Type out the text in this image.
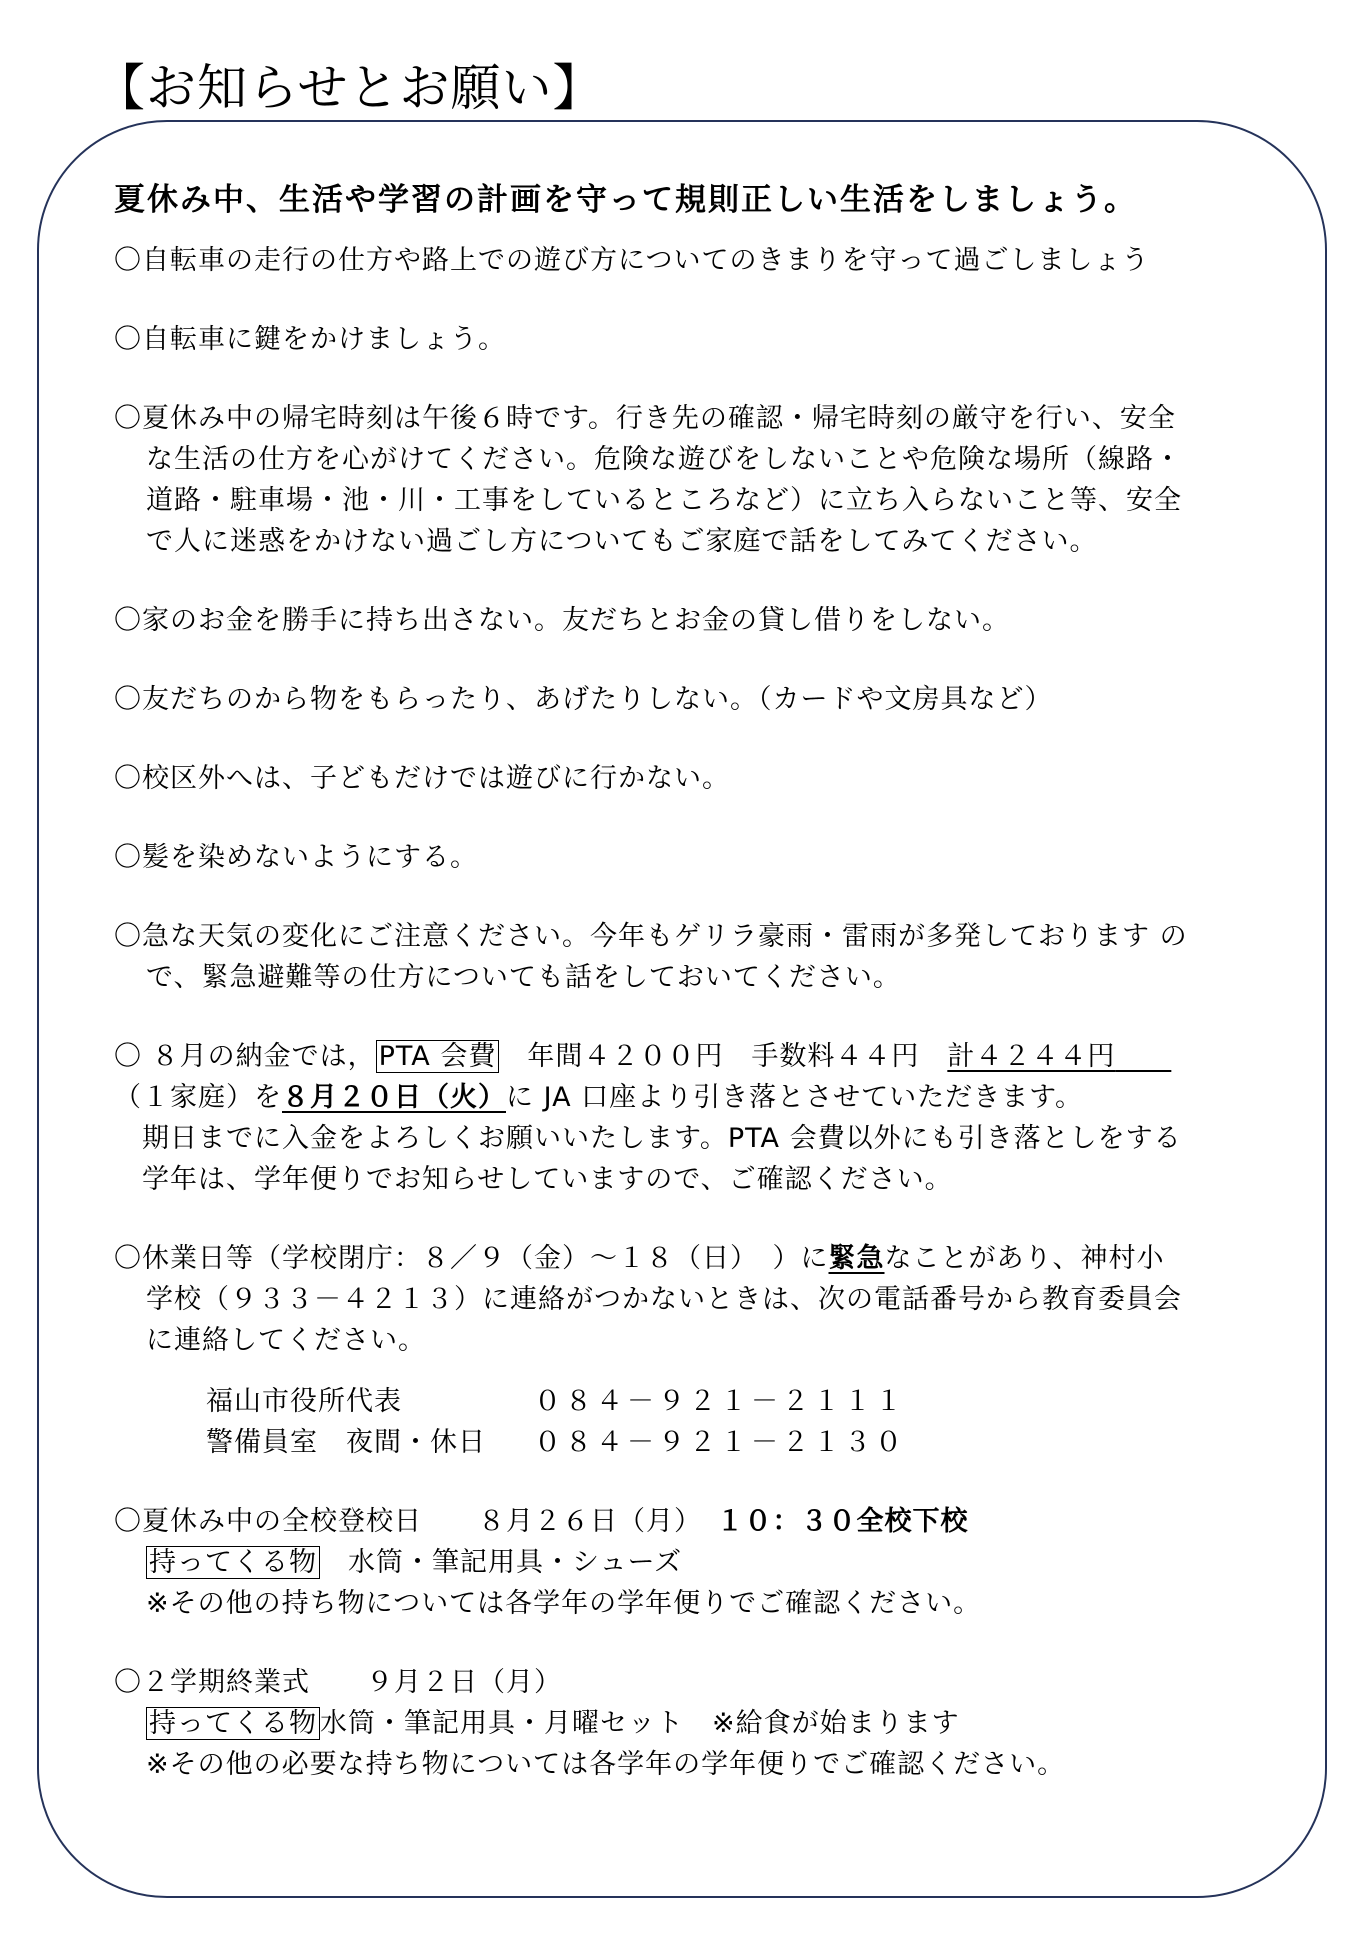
【お知らせとお願い】

夏休み中、生活や学習の計画を守って規則正しい生活をしましょう。

〇自転車の走行の仕方や路上での遊び方についてのきまりを守って過ごしましょう

〇自転車に鍵をかけましょう。

〇夏休み中の帰宅時刻は午後６時です。行き先の確認・帰宅時刻の厳守を行い、安全

な生活の仕方を心がけてください。危険な遊びをしないことや危険な場所（線路・

道路・駐車場・池・川・工事をしているところなど）に立ち入らないこと等、安全

で人に迷惑をかけない過ごし方についてもご家庭で話をしてみてください。

〇家のお金を勝手に持ち出さない。友だちとお金の貸し借りをしない。

〇友だちのから物をもらったり、あげたりしない。（カードや文房具など）

〇校区外へは、子どもだけでは遊びに行かない。

〇髪を染めないようにする。

〇急な天気の変化にご注意ください。今年もゲリラ豪雨・雷雨が多発しております の

で、緊急避難等の仕方についても話をしておいてください。

〇 ８月の納金では， PTA 会費　 年間４２００円　 手数料４４円　 計４２４４円　　

（１家庭）を８月２０日（火）に JA 口座より引き落とさせていただきます。

期日までに入金をよろしくお願いいたします。PTA 会費以外にも引き落としをする

学年は、学年便りでお知らせしていますので、ご確認ください。

〇休業日等（学校閉庁：８／９（金）～１８（日）　）に緊急なことがあり、神村小

学校（９３３－４２１３）に連絡がつかないときは、次の電話番号から教育委員会

に連絡してください。

福山市役所代表	０８４－９２１－２１１１
警備員室　夜間・休日 ０８４－９２１－２１３０

〇夏休み中の全校登校日　　８月２６日（月）　１０：３０全校下校

持ってくる物　水筒・筆記用具・シューズ

※その他の持ち物については各学年の学年便りでご確認ください。

〇２学期終業式　　９月２日（月）

持ってくる物 水筒・筆記用具・月曜セット　※給食が始まります

※その他の必要な持ち物については各学年の学年便りでご確認ください。
